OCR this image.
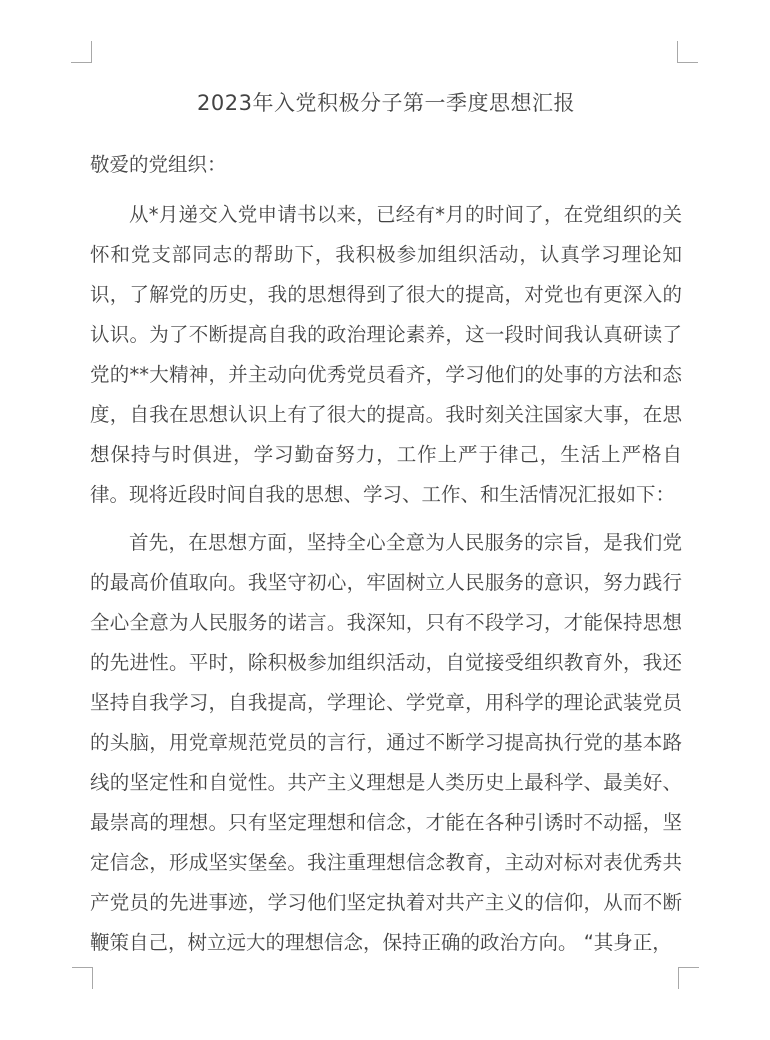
2023年入党积极分子第一季度思想汇报
敬爱的党组织：
从*月递交入党申请书以来，已经有*月的时间了，在党组织的关
怀和党支部同志的帮助下，我积极参加组织活动，认真学习理论知
识，了解党的历史，我的思想得到了很大的提高，对党也有更深入的
认识。为了不断提高自我的政治理论素养，这一段时间我认真研读了
党的**大精神，并主动向优秀党员看齐，学习他们的处事的方法和态
度，自我在思想认识上有了很大的提高。我时刻关注国家大事，在思
想保持与时俱进，学习勤奋努力，工作上严于律己，生活上严格自
律。现将近段时间自我的思想、学习、工作、和生活情况汇报如下：
首先，在思想方面，坚持全心全意为人民服务的宗旨，是我们党
的最高价值取向。我坚守初心，牢固树立人民服务的意识，努力践行
全心全意为人民服务的诺言。我深知，只有不段学习，才能保持思想
的先进性。平时，除积极参加组织活动，自觉接受组织教育外，我还
坚持自我学习，自我提高，学理论、学党章，用科学的理论武装党员
的头脑，用党章规范党员的言行，通过不断学习提高执行党的基本路
线的坚定性和自觉性。共产主义理想是人类历史上最科学、最美好、
最崇高的理想。只有坚定理想和信念，才能在各种引诱时不动摇，坚
定信念，形成坚实堡垒。我注重理想信念教育，主动对标对表优秀共
产党员的先进事迹，学习他们坚定执着对共产主义的信仰，从而不断
鞭策自己，树立远大的理想信念，保持正确的政治方向。 “其身正，
